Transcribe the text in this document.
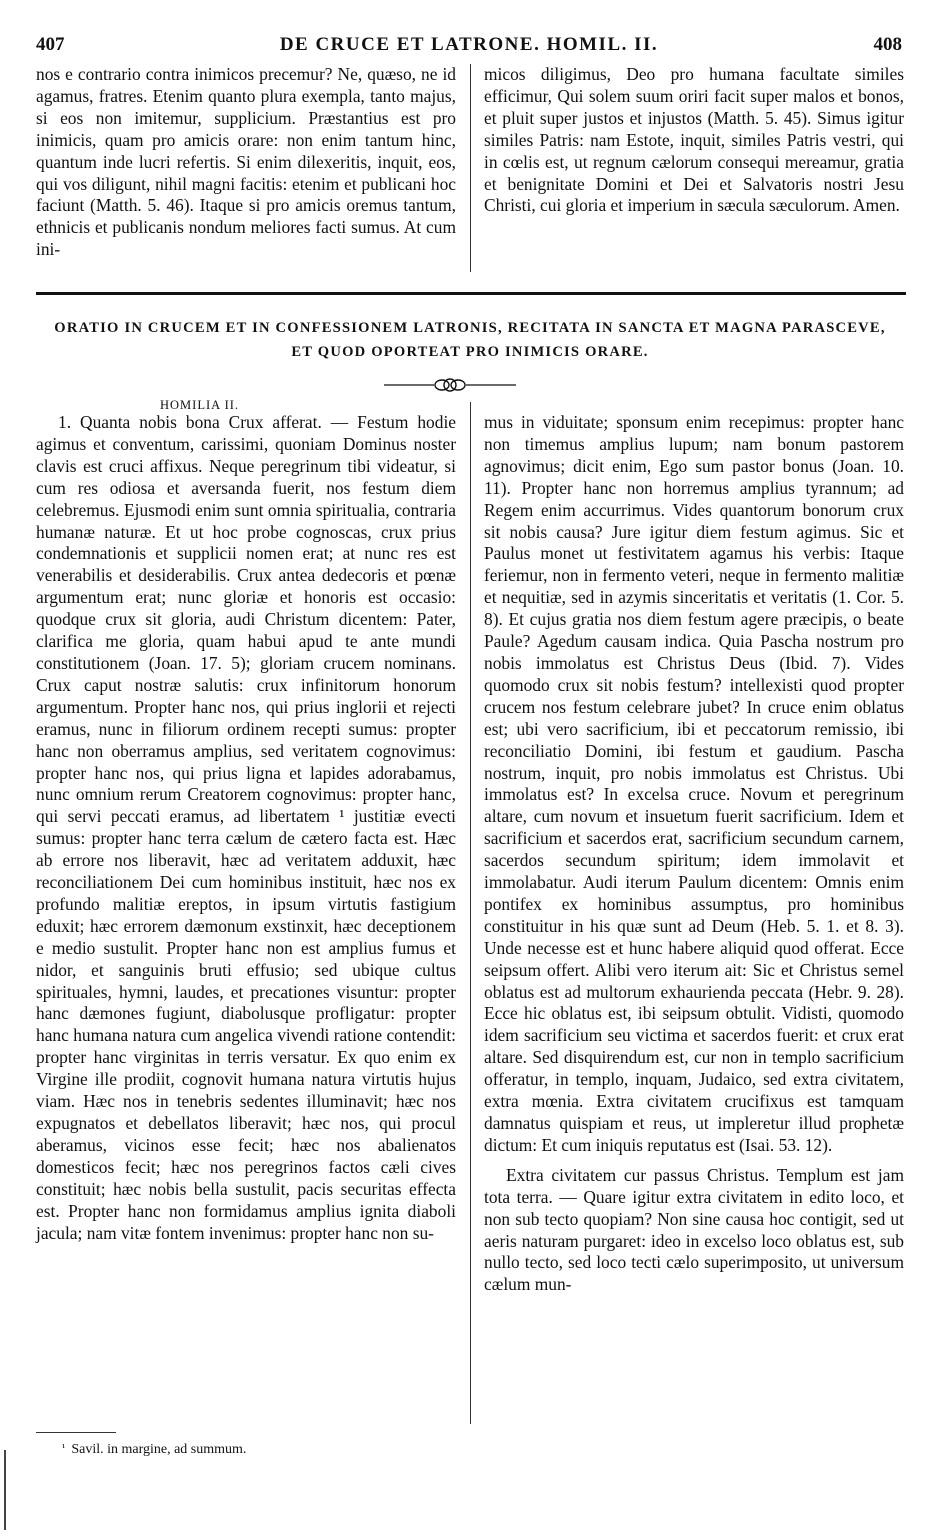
407	DE CRUCE ET LATRONE. HOMIL. II.	408

nos e contrario contra inimicos precemur? Ne, quæso, ne id agamus, fratres. Etenim quanto plura exempla, tanto majus, si eos non imitemur, supplicium. Præstantius est pro inimicis, quam pro amicis orare: non enim tantum hinc, quantum inde lucri refertis. Si enim dilexeritis, inquit, eos, qui vos diligunt, nihil magni facitis: etenim et publicani hoc faciunt (Matth. 5. 46). Itaque si pro amicis oremus tantum, ethnicis et publicanis nondum meliores facti sumus. At cum ini-

micos diligimus, Deo pro humana facultate similes efficimur, Qui solem suum oriri facit super malos et bonos, et pluit super justos et injustos (Matth. 5. 45). Simus igitur similes Patris: nam Estote, inquit, similes Patris vestri, qui in cœlis est, ut regnum cælorum consequi mereamur, gratia et benignitate Domini et Dei et Salvatoris nostri Jesu Christi, cui gloria et imperium in sæcula sæculorum. Amen.

ORATIO IN CRUCEM ET IN CONFESSIONEM LATRONIS, RECITATA IN SANCTA ET MAGNA PARASCEVE,
ET QUOD OPORTEAT PRO INIMICIS ORARE.
HOMILIA II.

1. Quanta nobis bona Crux afferat. — Festum hodie agimus et conventum, carissimi, quoniam Dominus noster clavis est cruci affixus. Neque peregrinum tibi videatur, si cum res odiosa et aversanda fuerit, nos festum diem celebremus. Ejusmodi enim sunt omnia spiritualia, contraria humanæ naturæ. Et ut hoc probe cognoscas, crux prius condemnationis et supplicii nomen erat; at nunc res est venerabilis et desiderabilis. Crux antea dedecoris et pœnæ argumentum erat; nunc gloriæ et honoris est occasio: quodque crux sit gloria, audi Christum dicentem: Pater, clarifica me gloria, quam habui apud te ante mundi constitutionem (Joan. 17. 5); gloriam crucem nominans. Crux caput nostræ salutis: crux infinitorum honorum argumentum. Propter hanc nos, qui prius inglorii et rejecti eramus, nunc in filiorum ordinem recepti sumus: propter hanc non oberramus amplius, sed veritatem cognovimus: propter hanc nos, qui prius ligna et lapides adorabamus, nunc omnium rerum Creatorem cognovimus: propter hanc, qui servi peccati eramus, ad libertatem ¹ justitiæ evecti sumus: propter hanc terra cælum de cætero facta est. Hæc ab errore nos liberavit, hæc ad veritatem adduxit, hæc reconciliationem Dei cum hominibus instituit, hæc nos ex profundo malitiæ ereptos, in ipsum virtutis fastigium eduxit; hæc errorem dæmonum exstinxit, hæc deceptionem e medio sustulit. Propter hanc non est amplius fumus et nidor, et sanguinis bruti effusio; sed ubique cultus spirituales, hymni, laudes, et precationes visuntur: propter hanc dæmones fugiunt, diabolusque profligatur: propter hanc humana natura cum angelica vivendi ratione contendit: propter hanc virginitas in terris versatur. Ex quo enim ex Virgine ille prodiit, cognovit humana natura virtutis hujus viam. Hæc nos in tenebris sedentes illuminavit; hæc nos expugnatos et debellatos liberavit; hæc nos, qui procul aberamus, vicinos esse fecit; hæc nos abalienatos domesticos fecit; hæc nos peregrinos factos cæli cives constituit; hæc nobis bella sustulit, pacis securitas effecta est. Propter hanc non formidamus amplius ignita diaboli jacula; nam vitæ fontem invenimus: propter hanc non su-

mus in viduitate; sponsum enim recepimus: propter hanc non timemus amplius lupum; nam bonum pastorem agnovimus; dicit enim, Ego sum pastor bonus (Joan. 10. 11). Propter hanc non horremus amplius tyrannum; ad Regem enim accurrimus. Vides quantorum bonorum crux sit nobis causa? Jure igitur diem festum agimus. Sic et Paulus monet ut festivitatem agamus his verbis: Itaque feriemur, non in fermento veteri, neque in fermento malitiæ et nequitiæ, sed in azymis sinceritatis et veritatis (1. Cor. 5. 8). Et cujus gratia nos diem festum agere præcipis, o beate Paule? Agedum causam indica. Quia Pascha nostrum pro nobis immolatus est Christus Deus (Ibid. 7). Vides quomodo crux sit nobis festum? intellexisti quod propter crucem nos festum celebrare jubet? In cruce enim oblatus est; ubi vero sacrificium, ibi et peccatorum remissio, ibi reconciliatio Domini, ibi festum et gaudium. Pascha nostrum, inquit, pro nobis immolatus est Christus. Ubi immolatus est? In excelsa cruce. Novum et peregrinum altare, cum novum et insuetum fuerit sacrificium. Idem et sacrificium et sacerdos erat, sacrificium secundum carnem, sacerdos secundum spiritum; idem immolavit et immolabatur. Audi iterum Paulum dicentem: Omnis enim pontifex ex hominibus assumptus, pro hominibus constituitur in his quæ sunt ad Deum (Heb. 5. 1. et 8. 3). Unde necesse est et hunc habere aliquid quod offerat. Ecce seipsum offert. Alibi vero iterum ait: Sic et Christus semel oblatus est ad multorum exhaurienda peccata (Hebr. 9. 28). Ecce hic oblatus est, ibi seipsum obtulit. Vidisti, quomodo idem sacrificium seu victima et sacerdos fuerit: et crux erat altare. Sed disquirendum est, cur non in templo sacrificium offeratur, in templo, inquam, Judaico, sed extra civitatem, extra mœnia. Extra civitatem crucifixus est tamquam damnatus quispiam et reus, ut impleretur illud prophetæ dictum: Et cum iniquis reputatus est (Isai. 53. 12).

Extra civitatem cur passus Christus. Templum est jam tota terra. — Quare igitur extra civitatem in edito loco, et non sub tecto quopiam? Non sine causa hoc contigit, sed ut aeris naturam purgaret: ideo in excelso loco oblatus est, sub nullo tecto, sed loco tecti cælo superimposito, ut universum cælum mun-

$^{^1}$ Savil. in margine, ad summum.
